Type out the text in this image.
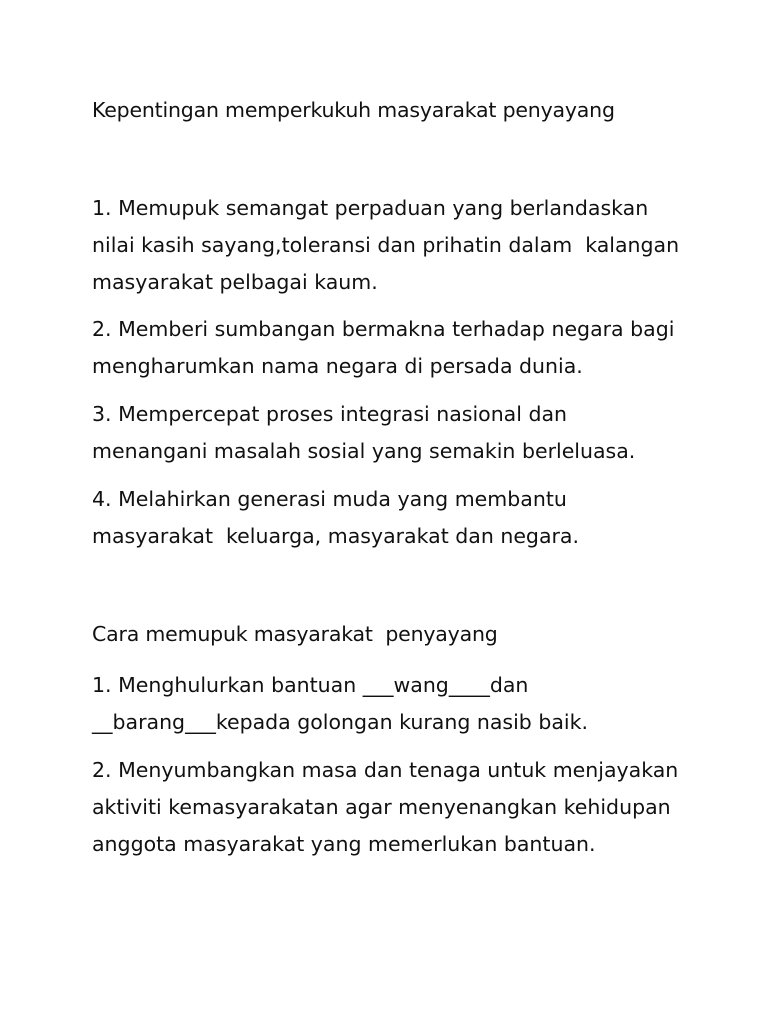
Kepentingan memperkukuh masyarakat penyayang
1. Memupuk semangat perpaduan yang berlandaskan
nilai kasih sayang,toleransi dan prihatin dalam  kalangan
masyarakat pelbagai kaum.
2. Memberi sumbangan bermakna terhadap negara bagi
mengharumkan nama negara di persada dunia.
3. Mempercepat proses integrasi nasional dan
menangani masalah sosial yang semakin berleluasa.
4. Melahirkan generasi muda yang membantu
masyarakat  keluarga, masyarakat dan negara.
Cara memupuk masyarakat  penyayang
1. Menghulurkan bantuan ___wang____dan
__barang___kepada golongan kurang nasib baik.
2. Menyumbangkan masa dan tenaga untuk menjayakan
aktiviti kemasyarakatan agar menyenangkan kehidupan
anggota masyarakat yang memerlukan bantuan.
